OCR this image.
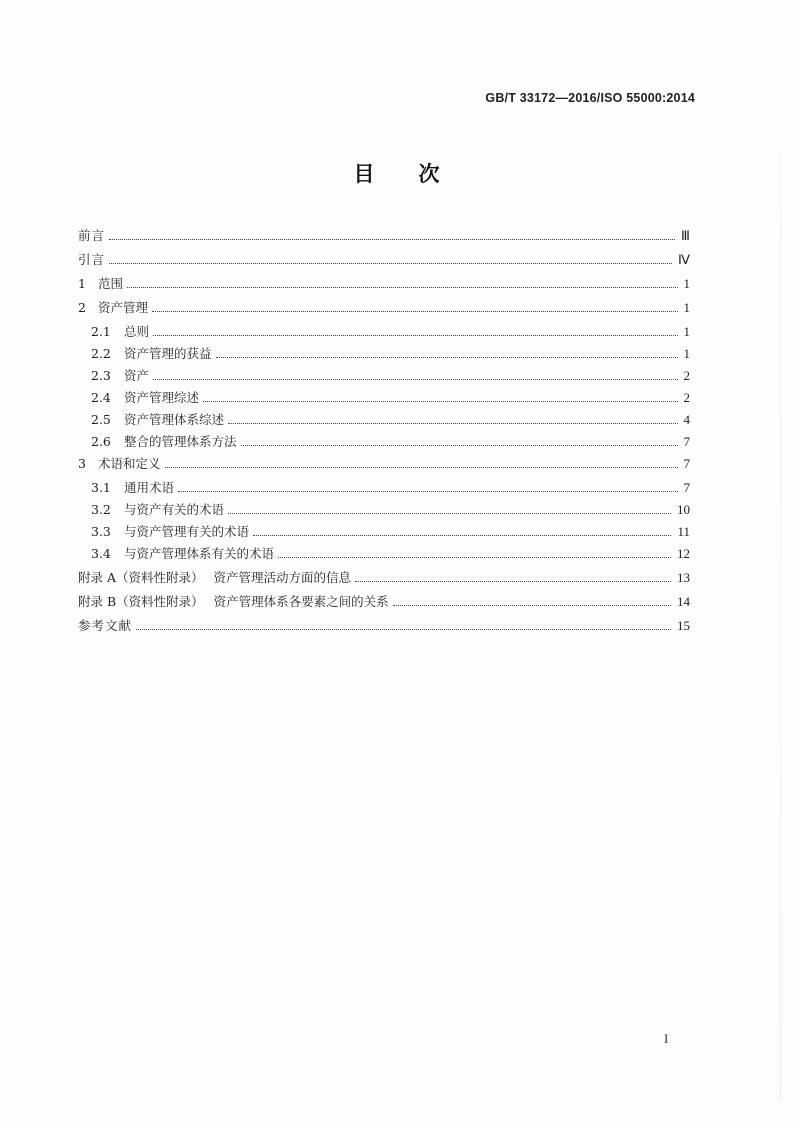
GB/T 33172—2016/ISO 55000:2014
目次
前言	Ⅲ
引言	Ⅳ
1 范围	1
2 资产管理	1
2.1	总则	1
2.2	资产管理的获益	1
2.3	资产	2
2.4	资产管理综述	2
2.5	资产管理体系综述	4
2.6	整合的管理体系方法	7
3 术语和定义	7
3.1	通用术语	7
3.2	与资产有关的术语	10
3.3	与资产管理有关的术语	11
3.4	与资产管理体系有关的术语	12
附录 A（资料性附录） 资产管理活动方面的信息	13
附录 B（资料性附录） 资产管理体系各要素之间的关系	14
参考文献	15
I
